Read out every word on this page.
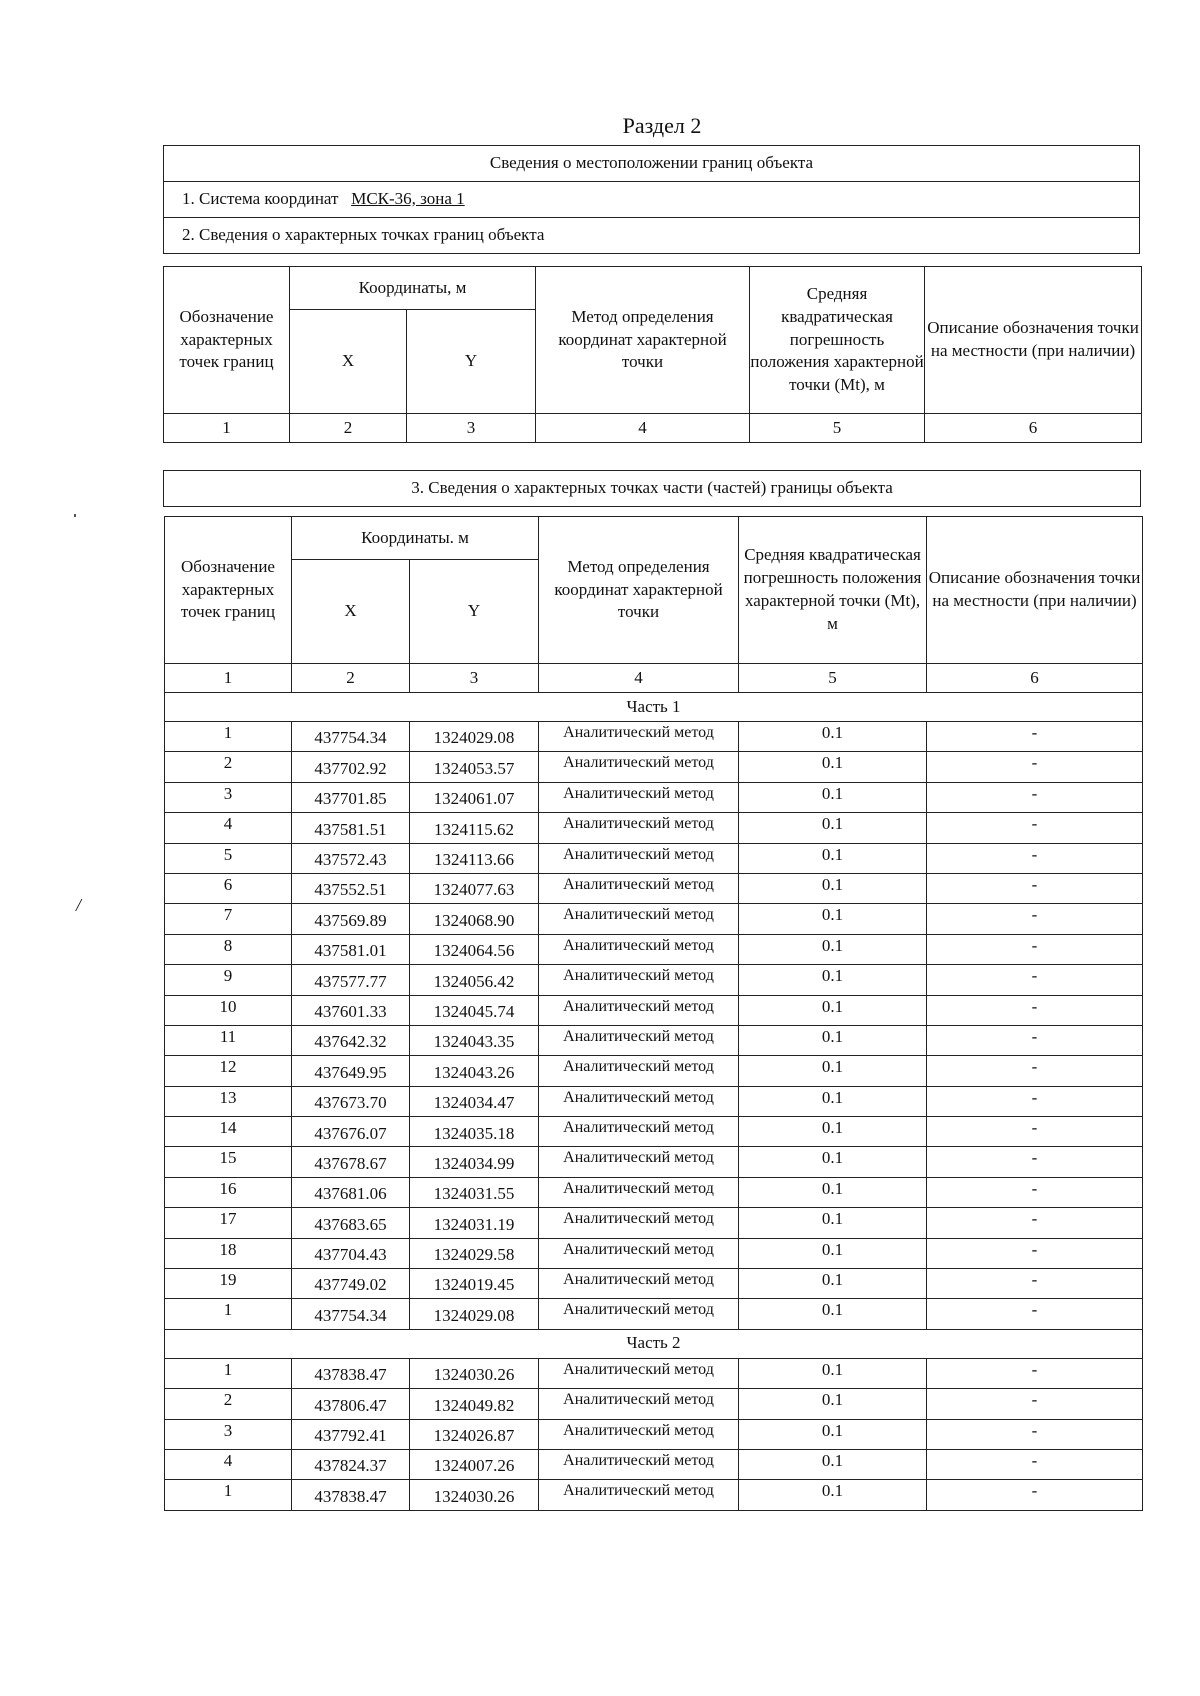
Раздел 2
Сведения о местоположении границ объекта
1. Система координат МСК-36, зона 1
2. Сведения о характерных точках границ объекта
Обозначение характерных точек границ	Координаты, м		Метод определения координат характерной точки	Средняя квадратическая погрешность положения характерной точки (Mt), м	Описание обозначения точки на местности (при наличии)
	X	Y			
1	2	3	4	5	6
3. Сведения о характерных точках части (частей) границы объекта
Обозначение характерных точек границ	Координаты. м		Метод определения координат характерной точки	Средняя квадратическая погрешность положения характерной точки (Mt), м	Описание обозначения точки на местности (при наличии)
	X	Y			
1	2	3	4	5	6
Часть 1					
1	437754.34	1324029.08	Аналитический метод	0.1	-
2	437702.92	1324053.57	Аналитический метод	0.1	-
3	437701.85	1324061.07	Аналитический метод	0.1	-
4	437581.51	1324115.62	Аналитический метод	0.1	-
5	437572.43	1324113.66	Аналитический метод	0.1	-
6	437552.51	1324077.63	Аналитический метод	0.1	-
7	437569.89	1324068.90	Аналитический метод	0.1	-
8	437581.01	1324064.56	Аналитический метод	0.1	-
9	437577.77	1324056.42	Аналитический метод	0.1	-
10	437601.33	1324045.74	Аналитический метод	0.1	-
11	437642.32	1324043.35	Аналитический метод	0.1	-
12	437649.95	1324043.26	Аналитический метод	0.1	-
13	437673.70	1324034.47	Аналитический метод	0.1	-
14	437676.07	1324035.18	Аналитический метод	0.1	-
15	437678.67	1324034.99	Аналитический метод	0.1	-
16	437681.06	1324031.55	Аналитический метод	0.1	-
17	437683.65	1324031.19	Аналитический метод	0.1	-
18	437704.43	1324029.58	Аналитический метод	0.1	-
19	437749.02	1324019.45	Аналитический метод	0.1	-
1	437754.34	1324029.08	Аналитический метод	0.1	-
Часть 2					
1	437838.47	1324030.26	Аналитический метод	0.1	-
2	437806.47	1324049.82	Аналитический метод	0.1	-
3	437792.41	1324026.87	Аналитический метод	0.1	-
4	437824.37	1324007.26	Аналитический метод	0.1	-
1	437838.47	1324030.26	Аналитический метод	0.1	-
/
